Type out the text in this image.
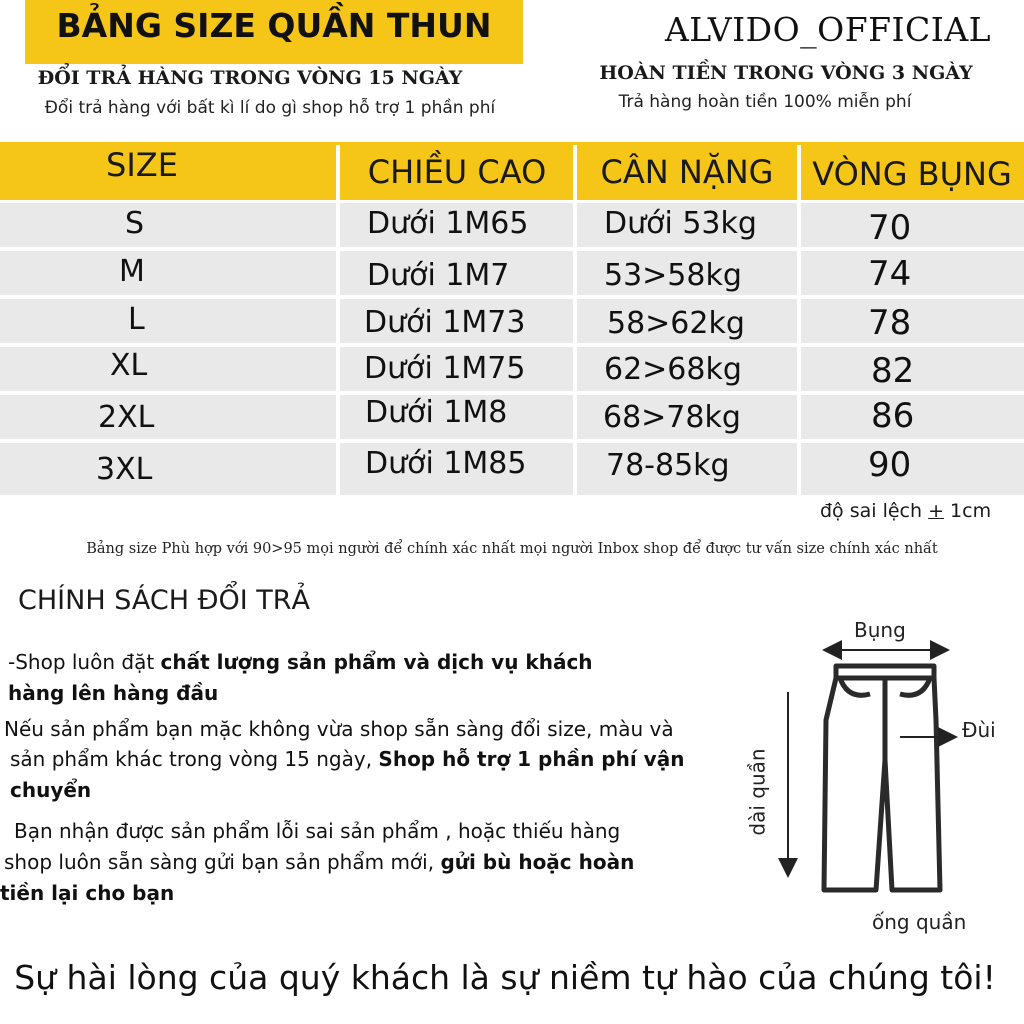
BẢNG SIZE QUẦN THUN	ALVIDO_OFFICIAL
ĐỔI TRẢ HÀNG TRONG VÒNG 15 NGÀY
Đổi trả hàng với bất kì lí do gì shop hỗ trợ 1 phần phí
HOÀN TIỀN TRONG VÒNG 3 NGÀY
Trả hàng hoàn tiền 100% miễn phí
SIZE	CHIỀU CAO	CÂN NẶNG	VÒNG BỤNG
S	Dưới 1M65	Dưới 53kg	70
M	Dưới 1M7	53>58kg	74
L	Dưới 1M73	58>62kg	78
XL	Dưới 1M75	62>68kg	82
2XL	Dưới 1M8	68>78kg	86
3XL	Dưới 1M85	78-85kg	90
độ sai lệch + 1cm
Bảng size Phù hợp với 90>95 mọi người để chính xác nhất mọi người Inbox shop để được tư vấn size chính xác nhất
CHÍNH SÁCH ĐỔI TRẢ
-Shop luôn đặt chất lượng sản phẩm và dịch vụ khách
hàng lên hàng đầu
Nếu sản phẩm bạn mặc không vừa shop sẵn sàng đổi size, màu và
sản phẩm khác trong vòng 15 ngày, Shop hỗ trợ 1 phần phí vận
chuyển
Bạn nhận được sản phẩm lỗi sai sản phẩm , hoặc thiếu hàng
shop luôn sẵn sàng gửi bạn sản phẩm mới, gửi bù hoặc hoàn
tiền lại cho bạn
Bụng
Đùi
dài quần
ống quần
Sự hài lòng của quý khách là sự niềm tự hào của chúng tôi!
